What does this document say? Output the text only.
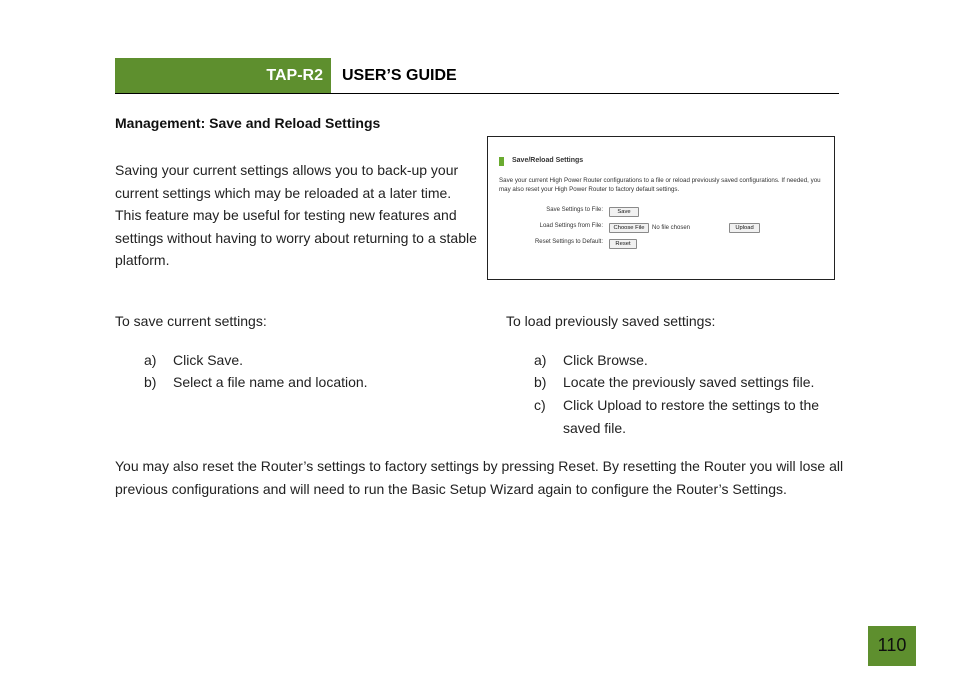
TAP-R2 USER’S GUIDE
Management: Save and Reload Settings
Saving your current settings allows you to back-up your current settings which may be reloaded at a later time. This feature may be useful for testing new features and settings without having to worry about returning to a stable platform.
Save/Reload Settings
Save your current High Power Router configurations to a file or reload previously saved configurations. If needed, you may also reset your High Power Router to factory default settings.
Save Settings to File:	Save
Load Settings from File:	Choose File	No file chosen	Upload
Reset Settings to Default:	Reset
To save current settings:
a) Click Save.
b) Select a file name and location.
To load previously saved settings:
a) Click Browse.
b) Locate the previously saved settings file.
c) Click Upload to restore the settings to the saved file.
You may also reset the Router’s settings to factory settings by pressing Reset. By resetting the Router you will lose all previous configurations and will need to run the Basic Setup Wizard again to configure the Router’s Settings.
110
